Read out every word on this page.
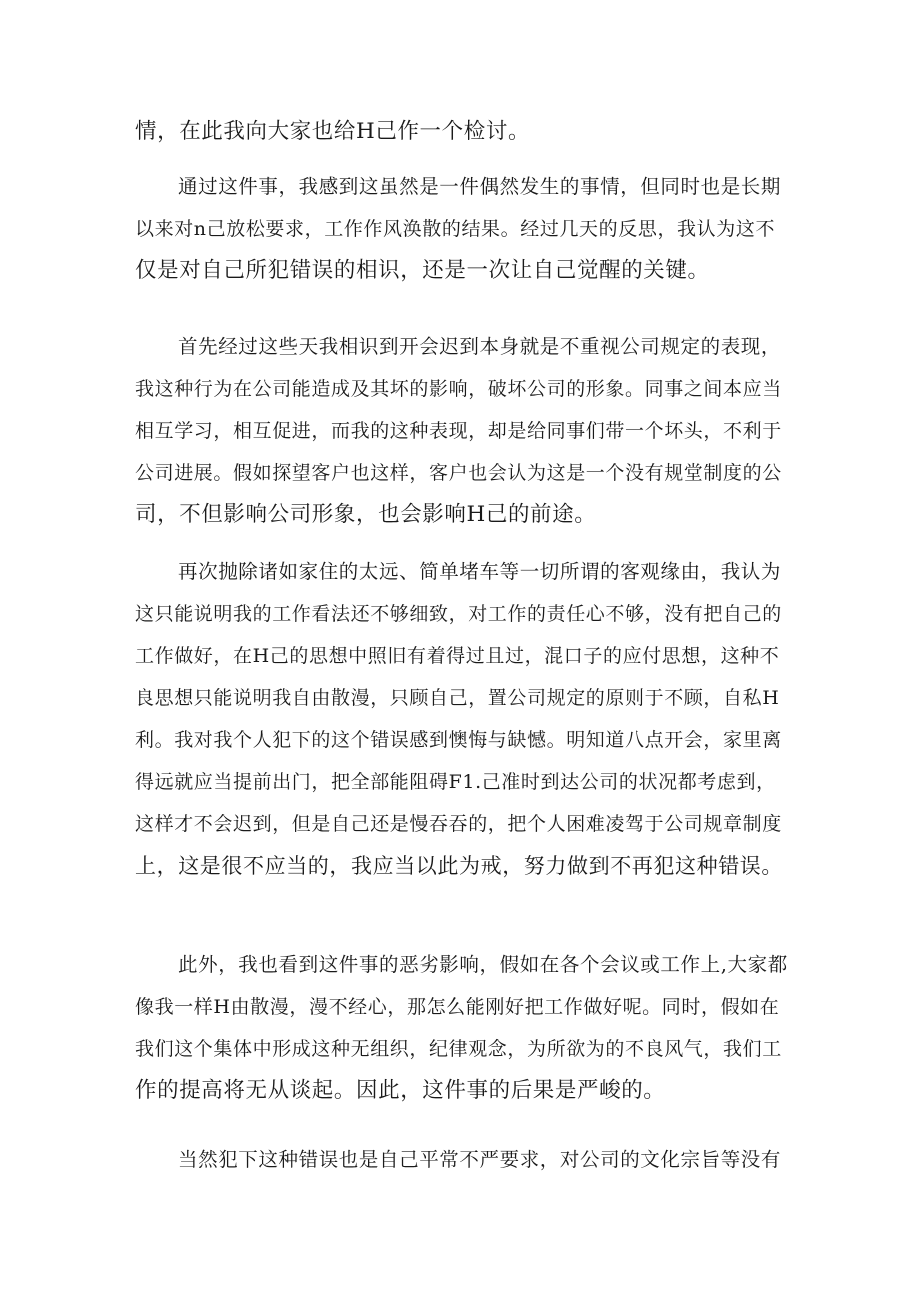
情，在此我向大家也给H己作一个检讨。

通过这件事，我感到这虽然是一件偶然发生的事情，但同时也是长期
以来对n己放松要求，工作作风涣散的结果。经过几天的反思，我认为这不
仅是对自己所犯错误的相识，还是一次让自己觉醒的关键。

首先经过这些天我相识到开会迟到本身就是不重视公司规定的表现，
我这种行为在公司能造成及其坏的影响，破坏公司的形象。同事之间本应当
相互学习，相互促进，而我的这种表现，却是给同事们带一个坏头，不利于
公司进展。假如探望客户也这样，客户也会认为这是一个没有规堂制度的公
司，不但影响公司形象，也会影响H己的前途。

再次抛除诸如家住的太远、简单堵车等一切所谓的客观缘由，我认为
这只能说明我的工作看法还不够细致，对工作的责任心不够，没有把自己的
工作做好，在H己的思想中照旧有着得过且过，混口子的应付思想，这种不
良思想只能说明我自由散漫，只顾自己，置公司规定的原则于不顾，自私H
利。我对我个人犯下的这个错误感到懊悔与缺憾。明知道八点开会，家里离
得远就应当提前出门，把全部能阻碍F1.己准时到达公司的状况都考虑到，
这样才不会迟到，但是自己还是慢吞吞的，把个人困难凌驾于公司规章制度
上，这是很不应当的，我应当以此为戒，努力做到不再犯这种错误。

此外，我也看到这件事的恶劣影响，假如在各个会议或工作上,大家都
像我一样H由散漫，漫不经心，那怎么能刚好把工作做好呢。同时，假如在
我们这个集体中形成这种无组织，纪律观念，为所欲为的不良风气，我们工
作的提高将无从谈起。因此，这件事的后果是严峻的。

当然犯下这种错误也是自己平常不严要求，对公司的文化宗旨等没有
